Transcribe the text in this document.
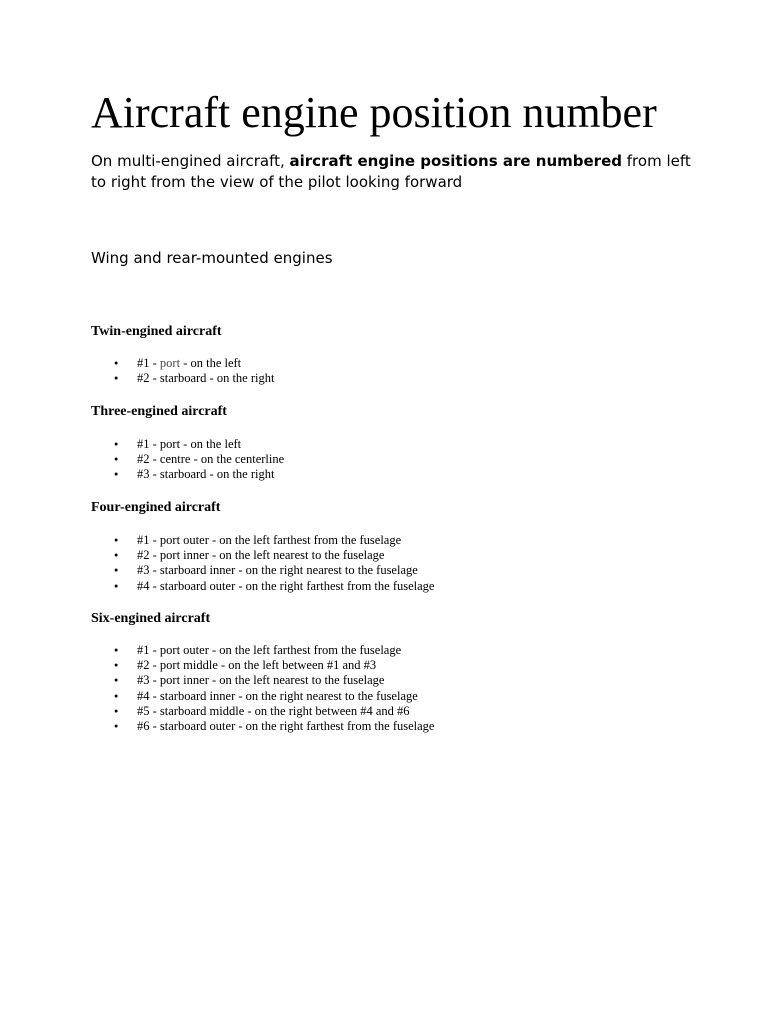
Aircraft engine position number

On multi-engined aircraft, aircraft engine positions are numbered from left to right from the view of the pilot looking forward

Wing and rear-mounted engines
Twin-engined aircraft
● #1 - port - on the left
● #2 - starboard - on the right
Three-engined aircraft
● #1 - port - on the left
● #2 - centre - on the centerline
● #3 - starboard - on the right
Four-engined aircraft
● #1 - port outer - on the left farthest from the fuselage
● #2 - port inner - on the left nearest to the fuselage
● #3 - starboard inner - on the right nearest to the fuselage
● #4 - starboard outer - on the right farthest from the fuselage
Six-engined aircraft
● #1 - port outer - on the left farthest from the fuselage
● #2 - port middle - on the left between #1 and #3
● #3 - port inner - on the left nearest to the fuselage
● #4 - starboard inner - on the right nearest to the fuselage
● #5 - starboard middle - on the right between #4 and #6
● #6 - starboard outer - on the right farthest from the fuselage
